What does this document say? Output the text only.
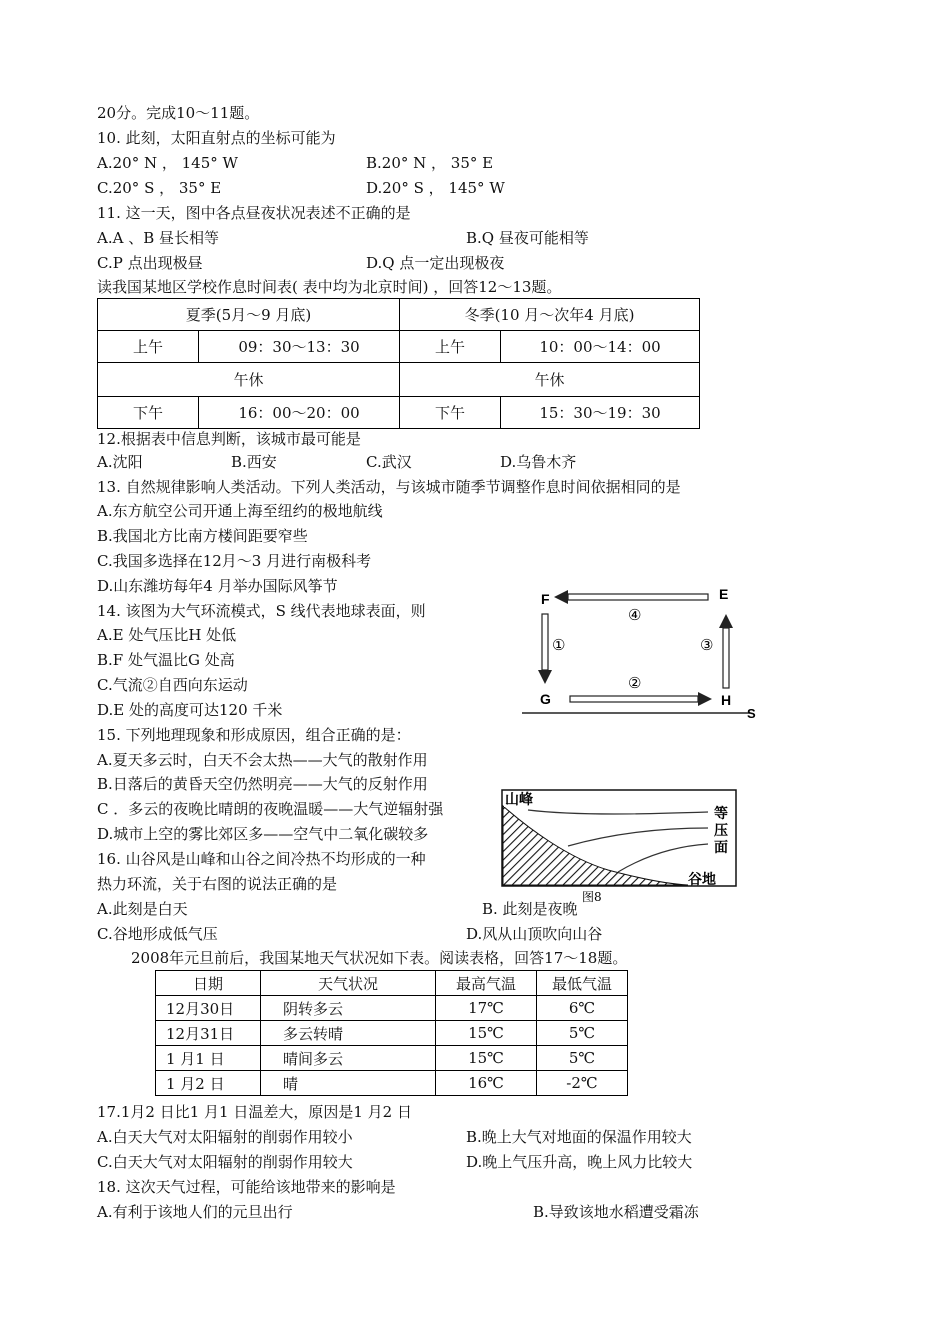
20分。完成10～11题。
10. 此刻，太阳直射点的坐标可能为
A.20° N ， 145° W	B.20° N ， 35° E
C.20° S ， 35° E	D.20° S ， 145° W
11. 这一天，图中各点昼夜状况表述不正确的是
A.A 、B 昼长相等	B.Q 昼夜可能相等
C.P 点出现极昼	D.Q 点一定出现极夜
读我国某地区学校作息时间表( 表中均为北京时间) ，回答12～13题。
夏季(5月～9 月底)		冬季(10 月～次年4 月底)	
上午	09：30～13：30	上午	10：00～14：00
午休		午休	
下午	16：00～20：00	下午	15：30～19：30
12.根据表中信息判断，该城市最可能是
A.沈阳	B.西安	C.武汉	D.乌鲁木齐
13. 自然规律影响人类活动。下列人类活动，与该城市随季节调整作息时间依据相同的是
A.东方航空公司开通上海至纽约的极地航线
B.我国北方比南方楼间距要窄些
C.我国多选择在12月～3 月进行南极科考
D.山东潍坊每年4 月举办国际风筝节
14. 该图为大气环流模式，S 线代表地球表面，则
A.E 处气压比H 处低
B.F 处气温比G 处高
C.气流②自西向东运动
D.E 处的高度可达120 千米
15. 下列地理现象和形成原因，组合正确的是：
A.夏天多云时，白天不会太热——大气的散射作用
B.日落后的黄昏天空仍然明亮——大气的反射作用
C ．多云的夜晚比晴朗的夜晚温暖——大气逆辐射强
D.城市上空的雾比郊区多——空气中二氧化碳较多
16. 山谷风是山峰和山谷之间冷热不均形成的一种
热力环流，关于右图的说法正确的是
A.此刻是白天	B. 此刻是夜晚
C.谷地形成低气压	D.风从山顶吹向山谷
2008年元旦前后，我国某地天气状况如下表。阅读表格，回答17～18题。
日期	天气状况	最高气温	最低气温
12月30日	阴转多云	17℃	6℃
12月31日	多云转晴	15℃	5℃
1 月1 日	晴间多云	15℃	5℃
1 月2 日	晴	16℃	-2℃
17.1月2 日比1 月1 日温差大，原因是1 月2 日
A.白天大气对太阳辐射的削弱作用较小	B.晚上大气对地面的保温作用较大
C.白天大气对太阳辐射的削弱作用较大	D.晚上气压升高，晚上风力比较大
18. 这次天气过程，可能给该地带来的影响是
A.有利于该地人们的元旦出行	B.导致该地水稻遭受霜冻
F	E
G	H
S
①
②
③
④
山峰
等
压
面
谷地
图8
